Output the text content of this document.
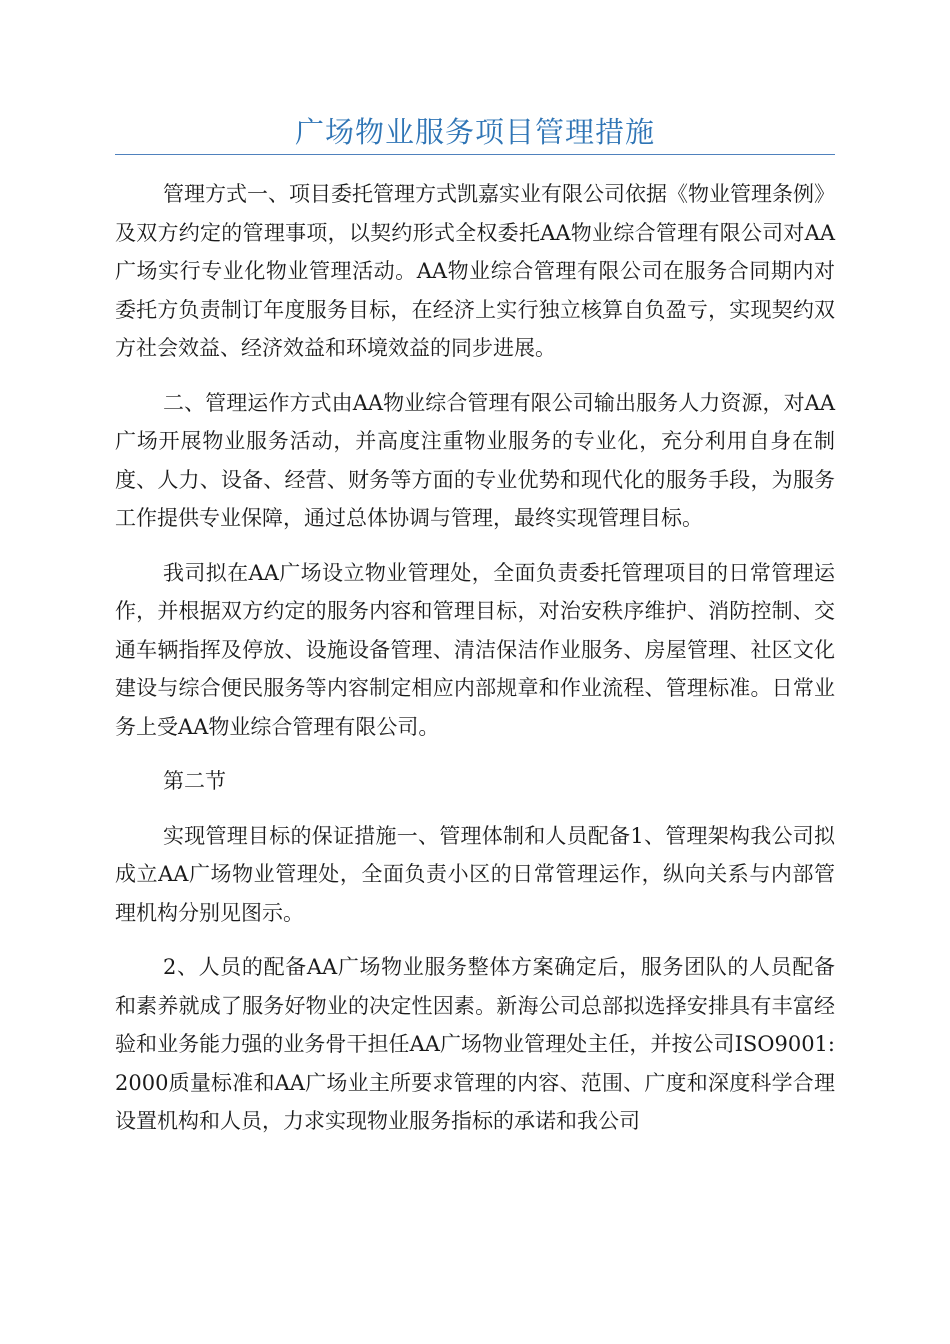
广场物业服务项目管理措施

管理方式一、项目委托管理方式凯嘉实业有限公司依据《物业管理条例》及双方约定的管理事项，以契约形式全权委托AA物业综合管理有限公司对AA广场实行专业化物业管理活动。AA物业综合管理有限公司在服务合同期内对委托方负责制订年度服务目标，在经济上实行独立核算自负盈亏，实现契约双方社会效益、经济效益和环境效益的同步进展。

二、管理运作方式由AA物业综合管理有限公司输出服务人力资源，对AA广场开展物业服务活动，并高度注重物业服务的专业化，充分利用自身在制度、人力、设备、经营、财务等方面的专业优势和现代化的服务手段，为服务工作提供专业保障，通过总体协调与管理，最终实现管理目标。

我司拟在AA广场设立物业管理处，全面负责委托管理项目的日常管理运作，并根据双方约定的服务内容和管理目标，对治安秩序维护、消防控制、交通车辆指挥及停放、设施设备管理、清洁保洁作业服务、房屋管理、社区文化建设与综合便民服务等内容制定相应内部规章和作业流程、管理标准。日常业务上受AA物业综合管理有限公司。

第二节

实现管理目标的保证措施一、管理体制和人员配备1、管理架构我公司拟成立AA广场物业管理处，全面负责小区的日常管理运作，纵向关系与内部管理机构分别见图示。

2、人员的配备AA广场物业服务整体方案确定后，服务团队的人员配备和素养就成了服务好物业的决定性因素。新海公司总部拟选择安排具有丰富经验和业务能力强的业务骨干担任AA广场物业管理处主任，并按公司ISO9001:2000质量标准和AA广场业主所要求管理的内容、范围、广度和深度科学合理设置机构和人员，力求实现物业服务指标的承诺和我公司
